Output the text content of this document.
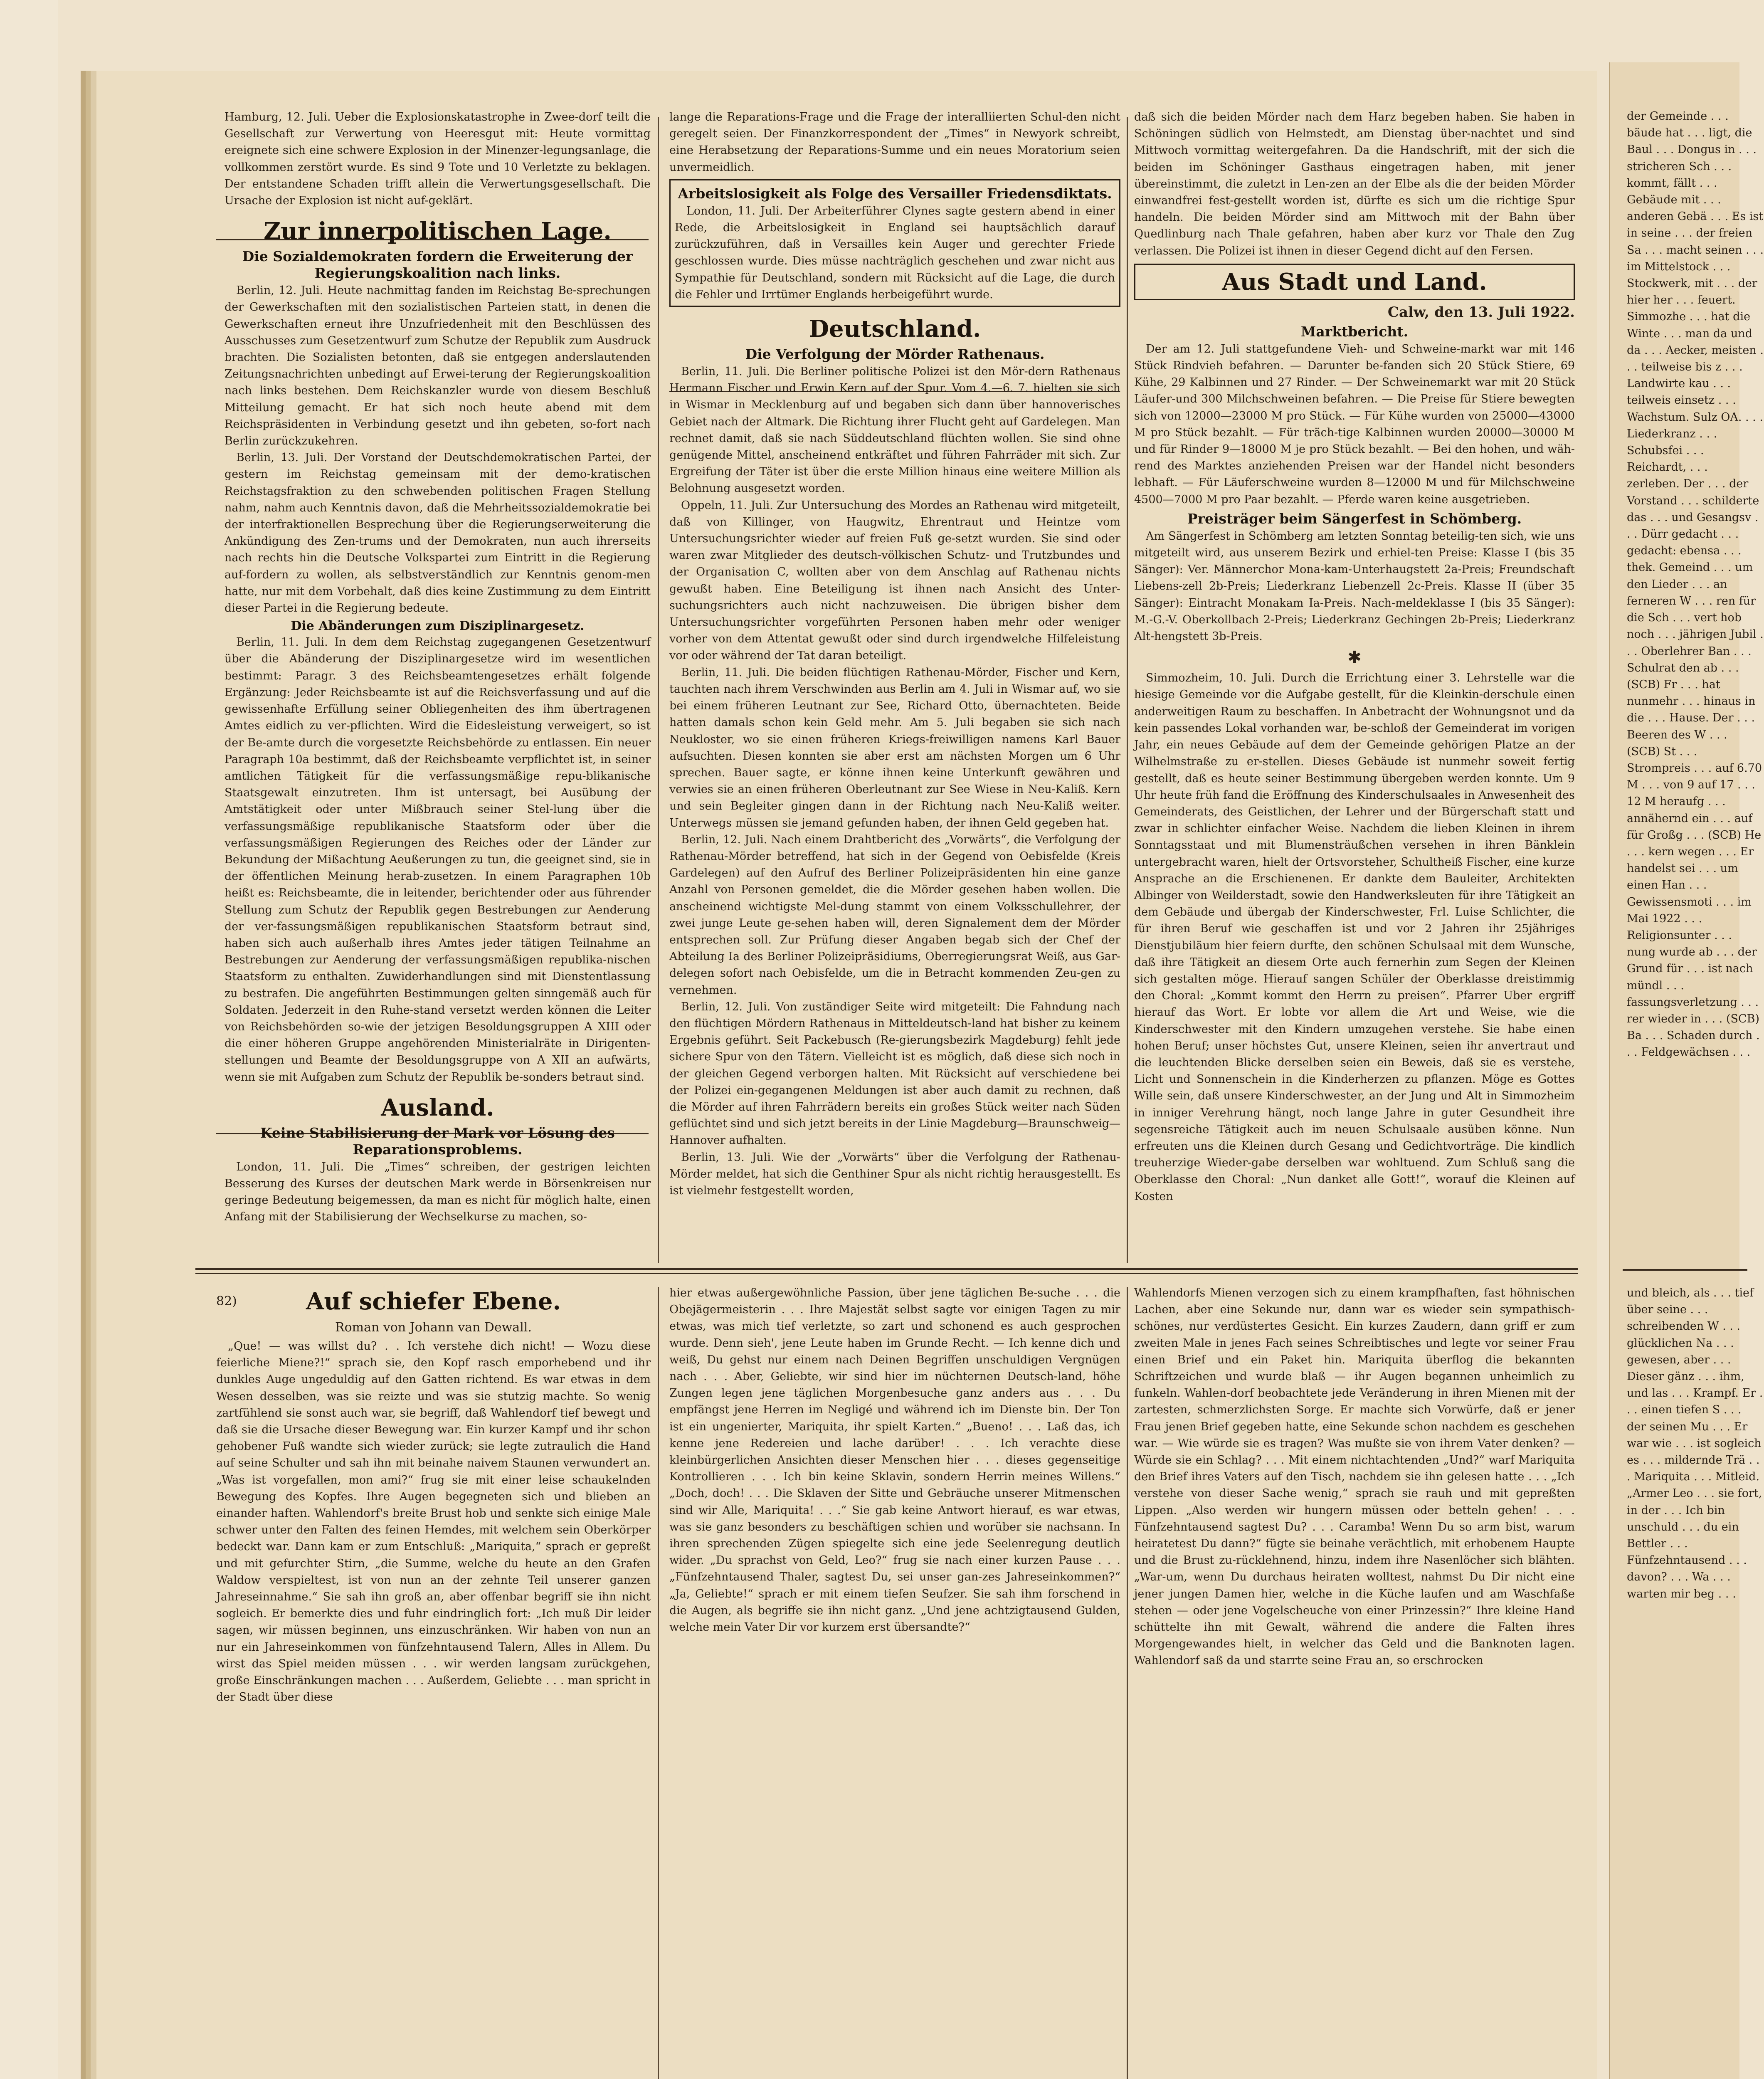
Hamburg, 12. Juli. Ueber die Explosionskatastrophe in Zwee-dorf teilt die Gesellschaft zur Verwertung von Heeresgut mit: Heute vormittag ereignete sich eine schwere Explosion in der Minenzer-legungsanlage, die vollkommen zerstört wurde. Es sind 9 Tote und 10 Verletzte zu beklagen. Der entstandene Schaden trifft allein die Verwertungsgesellschaft. Die Ursache der Explosion ist nicht auf-geklärt.

Zur innerpolitischen Lage.
Die Sozialdemokraten fordern die Erweiterung der Regierungskoalition nach links.

Berlin, 12. Juli. Heute nachmittag fanden im Reichstag Be-sprechungen der Gewerkschaften mit den sozialistischen Parteien statt, in denen die Gewerkschaften erneut ihre Unzufriedenheit mit den Beschlüssen des Ausschusses zum Gesetzentwurf zum Schutze der Republik zum Ausdruck brachten. Die Sozialisten betonten, daß sie entgegen anderslautenden Zeitungsnachrichten unbedingt auf Erwei-terung der Regierungskoalition nach links bestehen. Dem Reichskanzler wurde von diesem Beschluß Mitteilung gemacht. Er hat sich noch heute abend mit dem Reichspräsidenten in Verbindung gesetzt und ihn gebeten, so-fort nach Berlin zurückzukehren.

Berlin, 13. Juli. Der Vorstand der Deutschdemokratischen Partei, der gestern im Reichstag gemeinsam mit der demo-kratischen Reichstagsfraktion zu den schwebenden politischen Fragen Stellung nahm, nahm auch Kenntnis davon, daß die Mehrheitssozialdemokratie bei der interfraktionellen Besprechung über die Regierungserweiterung die Ankündigung des Zen-trums und der Demokraten, nun auch ihrerseits nach rechts hin die Deutsche Volkspartei zum Eintritt in die Regierung auf-fordern zu wollen, als selbstverständlich zur Kenntnis genom-men hatte, nur mit dem Vorbehalt, daß dies keine Zustimmung zu dem Eintritt dieser Partei in die Regierung bedeute.

Die Abänderungen zum Disziplinargesetz.

Berlin, 11. Juli. In dem dem Reichstag zugegangenen Gesetzentwurf über die Abänderung der Disziplinargesetze wird im wesentlichen bestimmt: Paragr. 3 des Reichsbeamtengesetzes erhält folgende Ergänzung: Jeder Reichsbeamte ist auf die Reichsverfassung und auf die gewissenhafte Erfüllung seiner Obliegenheiten des ihm übertragenen Amtes eidlich zu ver-pflichten. Wird die Eidesleistung verweigert, so ist der Be-amte durch die vorgesetzte Reichsbehörde zu entlassen. Ein neuer Paragraph 10a bestimmt, daß der Reichsbeamte verpflichtet ist, in seiner amtlichen Tätigkeit für die verfassungsmäßige repu-blikanische Staatsgewalt einzutreten. Ihm ist untersagt, bei Ausübung der Amtstätigkeit oder unter Mißbrauch seiner Stel-lung über die verfassungsmäßige republikanische Staatsform oder über die verfassungsmäßigen Regierungen des Reiches oder der Länder zur Bekundung der Mißachtung Aeußerungen zu tun, die geeignet sind, sie in der öffentlichen Meinung herab-zusetzen. In einem Paragraphen 10b heißt es: Reichsbeamte, die in leitender, berichtender oder aus führender Stellung zum Schutz der Republik gegen Bestrebungen zur Aenderung der ver-fassungsmäßigen republikanischen Staatsform betraut sind, haben sich auch außerhalb ihres Amtes jeder tätigen Teilnahme an Bestrebungen zur Aenderung der verfassungsmäßigen republika-nischen Staatsform zu enthalten. Zuwiderhandlungen sind mit Dienstentlassung zu bestrafen. Die angeführten Bestimmungen gelten sinngemäß auch für Soldaten. Jederzeit in den Ruhe-stand versetzt werden können die Leiter von Reichsbehörden so-wie der jetzigen Besoldungsgruppen A XIII oder die einer höheren Gruppe angehörenden Ministerialräte in Dirigenten-stellungen und Beamte der Besoldungsgruppe von A XII an aufwärts, wenn sie mit Aufgaben zum Schutz der Republik be-sonders betraut sind.

Ausland.
Keine Stabilisierung der Mark vor Lösung des Reparationsproblems.

London, 11. Juli. Die „Times“ schreiben, der gestrigen leichten Besserung des Kurses der deutschen Mark werde in Börsenkreisen nur geringe Bedeutung beigemessen, da man es nicht für möglich halte, einen Anfang mit der Stabilisierung der Wechselkurse zu machen, so-

lange die Reparations-Frage und die Frage der interalliierten Schul-den nicht geregelt seien. Der Finanzkorrespondent der „Times“ in Newyork schreibt, eine Herabsetzung der Reparations-Summe und ein neues Moratorium seien unvermeidlich.

Arbeitslosigkeit als Folge des Versailler Friedensdiktats.

London, 11. Juli. Der Arbeiterführer Clynes sagte gestern abend in einer Rede, die Arbeitslosigkeit in England sei hauptsächlich darauf zurückzuführen, daß in Versailles kein Auger und gerechter Friede geschlossen wurde. Dies müsse nachträglich geschehen und zwar nicht aus Sympathie für Deutschland, sondern mit Rücksicht auf die Lage, die durch die Fehler und Irrtümer Englands herbeigeführt wurde.

Deutschland.
Die Verfolgung der Mörder Rathenaus.

Berlin, 11. Juli. Die Berliner politische Polizei ist den Mör-dern Rathenaus Hermann Fischer und Erwin Kern auf der Spur. Vom 4.—6. 7. hielten sie sich in Wismar in Mecklenburg auf und begaben sich dann über hannoverisches Gebiet nach der Altmark. Die Richtung ihrer Flucht geht auf Gardelegen. Man rechnet damit, daß sie nach Süddeutschland flüchten wollen. Sie sind ohne genügende Mittel, anscheinend entkräftet und führen Fahrräder mit sich. Zur Ergreifung der Täter ist über die erste Million hinaus eine weitere Million als Belohnung ausgesetzt worden.

Oppeln, 11. Juli. Zur Untersuchung des Mordes an Rathenau wird mitgeteilt, daß von Killinger, von Haugwitz, Ehrentraut und Heintze vom Untersuchungsrichter wieder auf freien Fuß ge-setzt wurden. Sie sind oder waren zwar Mitglieder des deutsch-völkischen Schutz- und Trutzbundes und der Organisation C, wollten aber von dem Anschlag auf Rathenau nichts gewußt haben. Eine Beteiligung ist ihnen nach Ansicht des Unter-suchungsrichters auch nicht nachzuweisen. Die übrigen bisher dem Untersuchungsrichter vorgeführten Personen haben mehr oder weniger vorher von dem Attentat gewußt oder sind durch irgendwelche Hilfeleistung vor oder während der Tat daran beteiligt.

Berlin, 11. Juli. Die beiden flüchtigen Rathenau-Mörder, Fischer und Kern, tauchten nach ihrem Verschwinden aus Berlin am 4. Juli in Wismar auf, wo sie bei einem früheren Leutnant zur See, Richard Otto, übernachteten. Beide hatten damals schon kein Geld mehr. Am 5. Juli begaben sie sich nach Neukloster, wo sie einen früheren Kriegs-freiwilligen namens Karl Bauer aufsuchten. Diesen konnten sie aber erst am nächsten Morgen um 6 Uhr sprechen. Bauer sagte, er könne ihnen keine Unterkunft gewähren und verwies sie an einen früheren Oberleutnant zur See Wiese in Neu-Kaliß. Kern und sein Begleiter gingen dann in der Richtung nach Neu-Kaliß weiter. Unterwegs müssen sie jemand gefunden haben, der ihnen Geld gegeben hat.

Berlin, 12. Juli. Nach einem Drahtbericht des „Vorwärts“, die Verfolgung der Rathenau-Mörder betreffend, hat sich in der Gegend von Oebisfelde (Kreis Gardelegen) auf den Aufruf des Berliner Polizeipräsidenten hin eine ganze Anzahl von Personen gemeldet, die die Mörder gesehen haben wollen. Die anscheinend wichtigste Mel-dung stammt von einem Volksschullehrer, der zwei junge Leute ge-sehen haben will, deren Signalement dem der Mörder entsprechen soll. Zur Prüfung dieser Angaben begab sich der Chef der Abteilung Ia des Berliner Polizeipräsidiums, Oberregierungsrat Weiß, aus Gar-delegen sofort nach Oebisfelde, um die in Betracht kommenden Zeu-gen zu vernehmen.

Berlin, 12. Juli. Von zuständiger Seite wird mitgeteilt: Die Fahndung nach den flüchtigen Mördern Rathenaus in Mitteldeutsch-land hat bisher zu keinem Ergebnis geführt. Seit Packebusch (Re-gierungsbezirk Magdeburg) fehlt jede sichere Spur von den Tätern. Vielleicht ist es möglich, daß diese sich noch in der gleichen Gegend verborgen halten. Mit Rücksicht auf verschiedene bei der Polizei ein-gegangenen Meldungen ist aber auch damit zu rechnen, daß die Mörder auf ihren Fahrrädern bereits ein großes Stück weiter nach Süden geflüchtet sind und sich jetzt bereits in der Linie Magdeburg—Braunschweig—Hannover aufhalten.

Berlin, 13. Juli. Wie der „Vorwärts“ über die Verfolgung der Rathenau-Mörder meldet, hat sich die Genthiner Spur als nicht richtig herausgestellt. Es ist vielmehr festgestellt worden,

daß sich die beiden Mörder nach dem Harz begeben haben. Sie haben in Schöningen südlich von Helmstedt, am Dienstag über-nachtet und sind Mittwoch vormittag weitergefahren. Da die Handschrift, mit der sich die beiden im Schöninger Gasthaus eingetragen haben, mit jener übereinstimmt, die zuletzt in Len-zen an der Elbe als die der beiden Mörder einwandfrei fest-gestellt worden ist, dürfte es sich um die richtige Spur handeln. Die beiden Mörder sind am Mittwoch mit der Bahn über Quedlinburg nach Thale gefahren, haben aber kurz vor Thale den Zug verlassen. Die Polizei ist ihnen in dieser Gegend dicht auf den Fersen.

Aus Stadt und Land.
Calw, den 13. Juli 1922.
Marktbericht.

Der am 12. Juli stattgefundene Vieh- und Schweine-markt war mit 146 Stück Rindvieh befahren. — Darunter be-fanden sich 20 Stück Stiere, 69 Kühe, 29 Kalbinnen und 27 Rinder. — Der Schweinemarkt war mit 20 Stück Läufer-und 300 Milchschweinen befahren. — Die Preise für Stiere bewegten sich von 12000—23000 M pro Stück. — Für Kühe wurden von 25000—43000 M pro Stück bezahlt. — Für träch-tige Kalbinnen wurden 20000—30000 M und für Rinder 9—18000 M je pro Stück bezahlt. — Bei den hohen, und wäh-rend des Marktes anziehenden Preisen war der Handel nicht besonders lebhaft. — Für Läuferschweine wurden 8—12000 M und für Milchschweine 4500—7000 M pro Paar bezahlt. — Pferde waren keine ausgetrieben.

Preisträger beim Sängerfest in Schömberg.

Am Sängerfest in Schömberg am letzten Sonntag beteilig-ten sich, wie uns mitgeteilt wird, aus unserem Bezirk und erhiel-ten Preise: Klasse I (bis 35 Sänger): Ver. Männerchor Mona-kam-Unterhaugstett 2a-Preis; Freundschaft Liebens-zell 2b-Preis; Liederkranz Liebenzell 2c-Preis. Klasse II (über 35 Sänger): Eintracht Monakam Ia-Preis. Nach-meldeklasse I (bis 35 Sänger): M.-G.-V. Oberkollbach 2-Preis; Liederkranz Gechingen 2b-Preis; Liederkranz Alt-hengstett 3b-Preis.

✱

Simmozheim, 10. Juli. Durch die Errichtung einer 3. Lehrstelle war die hiesige Gemeinde vor die Aufgabe gestellt, für die Kleinkin-derschule einen anderweitigen Raum zu beschaffen. In Anbetracht der Wohnungsnot und da kein passendes Lokal vorhanden war, be-schloß der Gemeinderat im vorigen Jahr, ein neues Gebäude auf dem der Gemeinde gehörigen Platze an der Wilhelmstraße zu er-stellen. Dieses Gebäude ist nunmehr soweit fertig gestellt, daß es heute seiner Bestimmung übergeben werden konnte. Um 9 Uhr heute früh fand die Eröffnung des Kinderschulsaales in Anwesenheit des Gemeinderats, des Geistlichen, der Lehrer und der Bürgerschaft statt und zwar in schlichter einfacher Weise. Nachdem die lieben Kleinen in ihrem Sonntagsstaat und mit Blumensträußchen versehen in ihren Bänklein untergebracht waren, hielt der Ortsvorsteher, Schultheiß Fischer, eine kurze Ansprache an die Erschienenen. Er dankte dem Bauleiter, Architekten Albinger von Weilderstadt, sowie den Handwerksleuten für ihre Tätigkeit an dem Gebäude und übergab der Kinderschwester, Frl. Luise Schlichter, die für ihren Beruf wie geschaffen ist und vor 2 Jahren ihr 25jähriges Dienstjubiläum hier feiern durfte, den schönen Schulsaal mit dem Wunsche, daß ihre Tätigkeit an diesem Orte auch fernerhin zum Segen der Kleinen sich gestalten möge. Hierauf sangen Schüler der Oberklasse dreistimmig den Choral: „Kommt kommt den Herrn zu preisen“. Pfarrer Uber ergriff hierauf das Wort. Er lobte vor allem die Art und Weise, wie die Kinderschwester mit den Kindern umzugehen verstehe. Sie habe einen hohen Beruf; unser höchstes Gut, unsere Kleinen, seien ihr anvertraut und die leuchtenden Blicke derselben seien ein Beweis, daß sie es verstehe, Licht und Sonnenschein in die Kinderherzen zu pflanzen. Möge es Gottes Wille sein, daß unsere Kinderschwester, an der Jung und Alt in Simmozheim in inniger Verehrung hängt, noch lange Jahre in guter Gesundheit ihre segensreiche Tätigkeit auch im neuen Schulsaale ausüben könne. Nun erfreuten uns die Kleinen durch Gesang und Gedichtvorträge. Die kindlich treuherzige Wieder-gabe derselben war wohltuend. Zum Schluß sang die Oberklasse den Choral: „Nun danket alle Gott!“, worauf die Kleinen auf Kosten

82)	Auf schiefer Ebene.
Roman von Johann van Dewall.

„Que! — was willst du? . . Ich verstehe dich nicht! — Wozu diese feierliche Miene?!“ sprach sie, den Kopf rasch emporhebend und ihr dunkles Auge ungeduldig auf den Gatten richtend. Es war etwas in dem Wesen desselben, was sie reizte und was sie stutzig machte. So wenig zartfühlend sie sonst auch war, sie begriff, daß Wahlendorf tief bewegt und daß sie die Ursache dieser Bewegung war. Ein kurzer Kampf und ihr schon gehobener Fuß wandte sich wieder zurück; sie legte zutraulich die Hand auf seine Schulter und sah ihn mit beinahe naivem Staunen verwundert an. „Was ist vorgefallen, mon ami?“ frug sie mit einer leise schaukelnden Bewegung des Kopfes. Ihre Augen begegneten sich und blieben an einander haften. Wahlendorf's breite Brust hob und senkte sich einige Male schwer unter den Falten des feinen Hemdes, mit welchem sein Oberkörper bedeckt war. Dann kam er zum Entschluß: „Mariquita,“ sprach er gepreßt und mit gefurchter Stirn, „die Summe, welche du heute an den Grafen Waldow verspieltest, ist von nun an der zehnte Teil unserer ganzen Jahreseinnahme.“ Sie sah ihn groß an, aber offenbar begriff sie ihn nicht sogleich. Er bemerkte dies und fuhr eindringlich fort: „Ich muß Dir leider sagen, wir müssen beginnen, uns einzuschränken. Wir haben von nun an nur ein Jahreseinkommen von fünfzehntausend Talern, Alles in Allem. Du wirst das Spiel meiden müssen . . . wir werden langsam zurückgehen, große Einschränkungen machen . . . Außerdem, Geliebte . . . man spricht in der Stadt über diese

hier etwas außergewöhnliche Passion, über jene täglichen Be-suche . . . die Obejägermeisterin . . . Ihre Majestät selbst sagte vor einigen Tagen zu mir etwas, was mich tief verletzte, so zart und schonend es auch gesprochen wurde. Denn sieh', jene Leute haben im Grunde Recht. — Ich kenne dich und weiß, Du gehst nur einem nach Deinen Begriffen unschuldigen Vergnügen nach . . . Aber, Geliebte, wir sind hier im nüchternen Deutsch-land, höhe Zungen legen jene täglichen Morgenbesuche ganz anders aus . . . Du empfängst jene Herren im Negligé und während ich im Dienste bin. Der Ton ist ein ungenierter, Mariquita, ihr spielt Karten.“ „Bueno! . . . Laß das, ich kenne jene Redereien und lache darüber! . . . Ich verachte diese kleinbürgerlichen Ansichten dieser Menschen hier . . . dieses gegenseitige Kontrollieren . . . Ich bin keine Sklavin, sondern Herrin meines Willens.“ „Doch, doch! . . . Die Sklaven der Sitte und Gebräuche unserer Mitmenschen sind wir Alle, Mariquita! . . .“ Sie gab keine Antwort hierauf, es war etwas, was sie ganz besonders zu beschäftigen schien und worüber sie nachsann. In ihren sprechenden Zügen spiegelte sich eine jede Seelenregung deutlich wider. „Du sprachst von Geld, Leo?“ frug sie nach einer kurzen Pause . . . „Fünfzehntausend Thaler, sagtest Du, sei unser gan-zes Jahreseinkommen?“ „Ja, Geliebte!“ sprach er mit einem tiefen Seufzer. Sie sah ihm forschend in die Augen, als begriffe sie ihn nicht ganz. „Und jene achtzigtausend Gulden, welche mein Vater Dir vor kurzem erst übersandte?“

Wahlendorfs Mienen verzogen sich zu einem krampfhaften, fast höhnischen Lachen, aber eine Sekunde nur, dann war es wieder sein sympathisch-schönes, nur verdüstertes Gesicht. Ein kurzes Zaudern, dann griff er zum zweiten Male in jenes Fach seines Schreibtisches und legte vor seiner Frau einen Brief und ein Paket hin. Mariquita überflog die bekannten Schriftzeichen und wurde blaß — ihr Augen begannen unheimlich zu funkeln. Wahlen-dorf beobachtete jede Veränderung in ihren Mienen mit der zartesten, schmerzlichsten Sorge. Er machte sich Vorwürfe, daß er jener Frau jenen Brief gegeben hatte, eine Sekunde schon nachdem es geschehen war. — Wie würde sie es tragen? Was mußte sie von ihrem Vater denken? — Würde sie ein Schlag? . . . Mit einem nichtachtenden „Und?“ warf Mariquita den Brief ihres Vaters auf den Tisch, nachdem sie ihn gelesen hatte . . . „Ich verstehe von dieser Sache wenig,“ sprach sie rauh und mit gepreßten Lippen. „Also werden wir hungern müssen oder betteln gehen! . . . Fünfzehntausend sagtest Du? . . . Caramba! Wenn Du so arm bist, warum heiratetest Du dann?“ fügte sie beinahe verächtlich, mit erhobenem Haupte und die Brust zu-rücklehnend, hinzu, indem ihre Nasenlöcher sich blähten. „War-um, wenn Du durchaus heiraten wolltest, nahmst Du Dir nicht eine jener jungen Damen hier, welche in die Küche laufen und am Waschfaße stehen — oder jene Vogelscheuche von einer Prinzessin?“ Ihre kleine Hand schüttelte ihn mit Gewalt, während die andere die Falten ihres Morgengewandes hielt, in welcher das Geld und die Banknoten lagen. Wahlendorf saß da und starrte seine Frau an, so erschrocken

der Gemeinde . . . bäude hat . . . ligt, die Baul . . . Dongus in . . . stricheren Sch . . . kommt, fällt . . . Gebäude mit . . . anderen Gebä . . . Es ist in seine . . . der freien Sa . . . macht seinen . . . im Mittelstock . . . Stockwerk, mit . . . der hier her . . . feuert. Simmozhe . . . hat die Winte . . . man da und da . . . Aecker, meisten . . . teilweise bis z . . . Landwirte kau . . . teilweis einsetz . . . Wachstum. Sulz OA. . . . Liederkranz . . . Schubsfei . . . Reichardt, . . . zerleben. Der . . . der Vorstand . . . schilderte das . . . und Gesangsv . . . Dürr gedacht . . . gedacht: ebensa . . . thek. Gemeind . . . um den Lieder . . . an ferneren W . . . ren für die Sch . . . vert hob noch . . . jährigen Jubil . . . Oberlehrer Ban . . . Schulrat den ab . . . (SCB) Fr . . . hat nunmehr . . . hinaus in die . . . Hause. Der . . . Beeren des W . . . (SCB) St . . . Strompreis . . . auf 6.70 M . . . von 9 auf 17 . . . 12 M heraufg . . . annähernd ein . . . auf für Großg . . . (SCB) He . . . kern wegen . . . Er handelst sei . . . um einen Han . . . Gewissensmoti . . . im Mai 1922 . . . Religionsunter . . . nung wurde ab . . . der Grund für . . . ist nach mündl . . . fassungsverletzung . . . rer wieder in . . . (SCB) Ba . . . Schaden durch . . . Feldgewächsen . . .

und bleich, als . . . tief über seine . . . schreibenden W . . . glücklichen Na . . . gewesen, aber . . . Dieser gänz . . . ihm, und las . . . Krampf. Er . . . einen tiefen S . . . der seinen Mu . . . Er war wie . . . ist sogleich es . . . mildernde Trä . . . Mariquita . . . Mitleid. „Armer Leo . . . sie fort, in der . . . Ich bin unschuld . . . du ein Bettler . . . Fünfzehntausend . . . davon? . . . Wa . . . warten mir beg . . .
